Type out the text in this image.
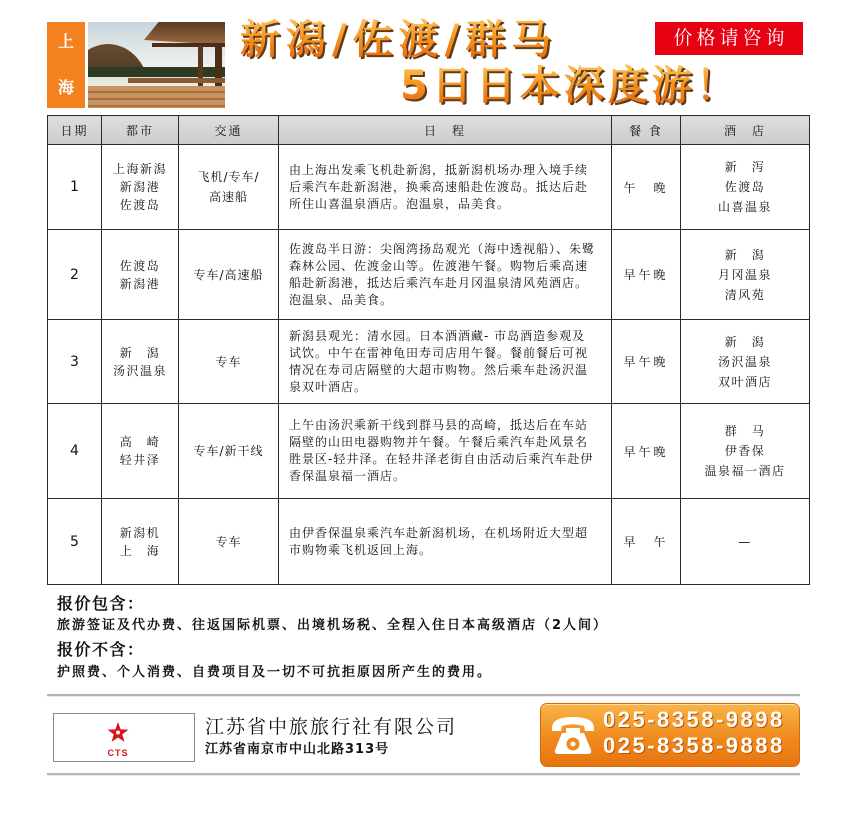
上
海
新潟/佐渡/群马
5日日本深度游！
价格请咨询
日期	都市	交通	日　程	餐 食	酒　店
1	上海新潟
新潟港
佐渡岛	飞机/专车/
高速船	由上海出发乘飞机赴新潟，抵新潟机场办理入境手续后乘汽车赴新潟港，换乘高速船赴佐渡岛。抵达后赴所住山喜温泉酒店。泡温泉，品美食。	午　晚	新　泻
佐渡岛
山喜温泉

2	佐渡岛
新潟港	专车/高速船	佐渡岛半日游：尖阁湾扬岛观光（海中透视船）、朱鹭森林公园、佐渡金山等。佐渡港午餐。购物后乘高速船赴新潟港，抵达后乘汽车赴月冈温泉清风苑酒店。泡温泉、品美食。	早午晚	新　潟
月冈温泉
清风苑

3	新　潟
汤沢温泉	专车	新潟县观光：清水园。日本酒酒藏- 市岛酒造参观及试饮。中午在雷神龟田寿司店用午餐。餐前餐后可视情况在寿司店隔壁的大超市购物。然后乘车赴汤沢温泉双叶酒店。	早午晚	新　潟
汤沢温泉
双叶酒店

4	高　崎
轻井泽	专车/新干线	上午由汤沢乘新干线到群马县的高崎，抵达后在车站隔壁的山田电器购物并午餐。午餐后乘汽车赴风景名胜景区-轻井泽。在轻井泽老街自由活动后乘汽车赴伊香保温泉福一酒店。	早午晚	群　马
伊香保
温泉福一酒店

5	新潟机
上　海	专车	由伊香保温泉乘汽车赴新潟机场，在机场附近大型超市购物乘飞机返回上海。	早　午	—
报价包含：
旅游签证及代办费、往返国际机票、出境机场税、全程入住日本高级酒店（2人间）
报价不含：
护照费、个人消费、自费项目及一切不可抗拒原因所产生的费用。
CTS
江苏省中旅旅行社有限公司
江苏省南京市中山北路313号
025-8358-9898
025-8358-9888
